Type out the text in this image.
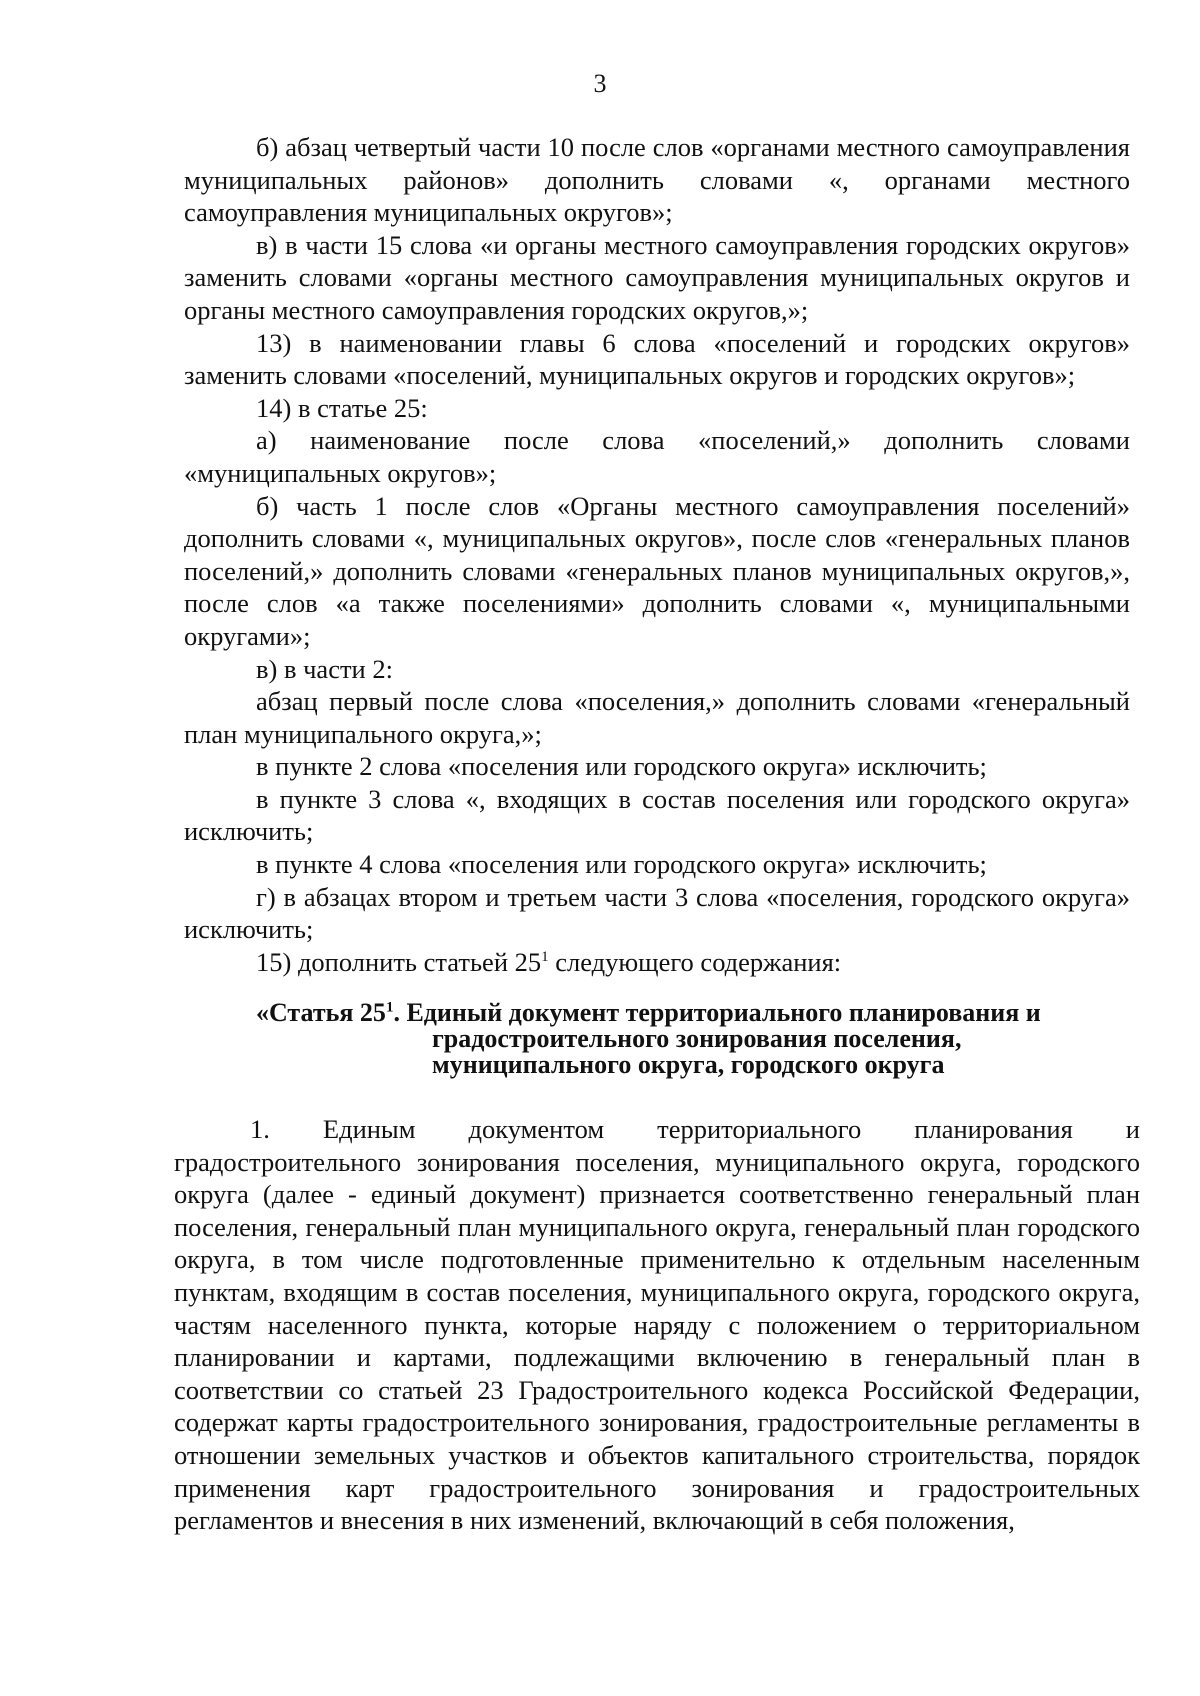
3

б) абзац четвертый части 10 после слов «органами местного самоуправления муниципальных районов» дополнить словами «, органами местного самоуправления муниципальных округов»;

в) в части 15 слова «и органы местного самоуправления городских округов» заменить словами «органы местного самоуправления муниципальных округов и органы местного самоуправления городских округов,»;

13) в наименовании главы 6 слова «поселений и городских округов» заменить словами «поселений, муниципальных округов и городских округов»;

14) в статье 25:

а) наименование после слова «поселений,» дополнить словами «муниципальных округов»;

б) часть 1 после слов «Органы местного самоуправления поселений» дополнить словами «, муниципальных округов», после слов «генеральных планов поселений,» дополнить словами «генеральных планов муниципальных округов,», после слов «а также поселениями» дополнить словами «, муниципальными округами»;

в) в части 2:

абзац первый после слова «поселения,» дополнить словами «генеральный план муниципального округа,»;

в пункте 2 слова «поселения или городского округа» исключить;

в пункте 3 слова «, входящих в состав поселения или городского округа» исключить;

в пункте 4 слова «поселения или городского округа» исключить;

г) в абзацах втором и третьем части 3 слова «поселения, городского округа» исключить;

15) дополнить статьей $25^1$ следующего содержания:

«Статья $25^1$. Единый документ территориального планирования и
градостроительного зонирования поселения,
муниципального округа, городского округа

1. Единым документом территориального планирования и градостроительного зонирования поселения, муниципального округа, городского округа (далее - единый документ) признается соответственно генеральный план поселения, генеральный план муниципального округа, генеральный план городского округа, в том числе подготовленные применительно к отдельным населенным пунктам, входящим в состав поселения, муниципального округа, городского округа, частям населенного пункта, которые наряду с положением о территориальном планировании и картами, подлежащими включению в генеральный план в соответствии со статьей 23 Градостроительного кодекса Российской Федерации, содержат карты градостроительного зонирования, градостроительные регламенты в отношении земельных участков и объектов капитального строительства, порядок применения карт градостроительного зонирования и градостроительных регламентов и внесения в них изменений, включающий в себя положения,
